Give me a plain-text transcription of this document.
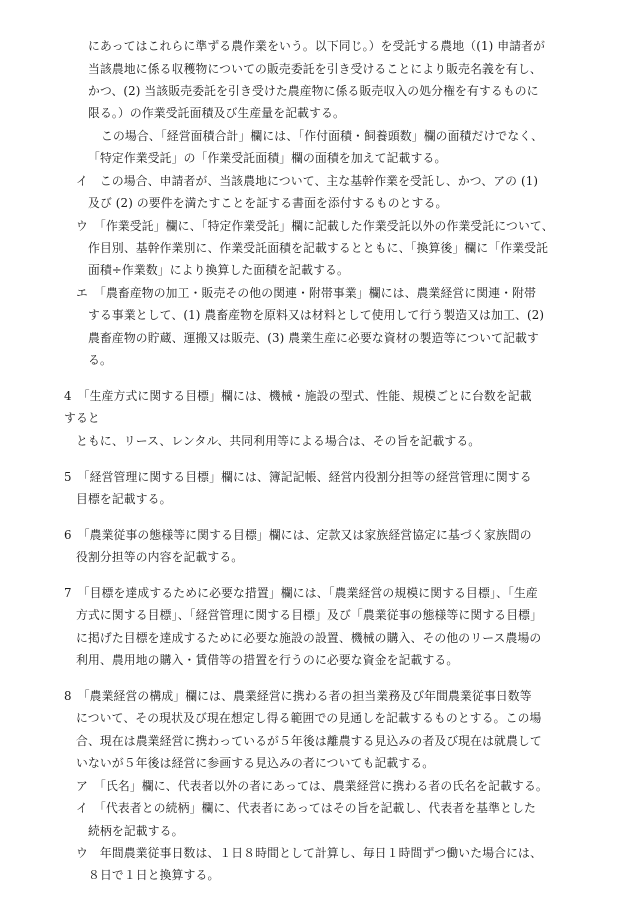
にあってはこれらに準ずる農作業をいう。以下同じ。）を受託する農地（(1) 申請者が
当該農地に係る収穫物についての販売委託を引き受けることにより販売名義を有し、
かつ、(2) 当該販売委託を引き受けた農産物に係る販売収入の処分権を有するものに
限る。）の作業受託面積及び生産量を記載する。
この場合、「経営面積合計」欄には、「作付面積・飼養頭数」欄の面積だけでなく、
「特定作業受託」の「作業受託面積」欄の面積を加えて記載する。
イ　この場合、申請者が、当該農地について、主な基幹作業を受託し、かつ、アの (1)
及び (2) の要件を満たすことを証する書面を添付するものとする。
ウ　「作業受託」欄に、「特定作業受託」欄に記載した作業受託以外の作業受託について、
作目別、基幹作業別に、作業受託面積を記載するとともに、「換算後」欄に「作業受託
面積÷作業数」により換算した面積を記載する。
エ　「農畜産物の加工・販売その他の関連・附帯事業」欄には、農業経営に関連・附帯
する事業として、(1) 農畜産物を原料又は材料として使用して行う製造又は加工、(2)
農畜産物の貯蔵、運搬又は販売、(3) 農業生産に必要な資材の製造等について記載す
る。
4　「生産方式に関する目標」欄には、機械・施設の型式、性能、規模ごとに台数を記載
すると
ともに、リース、レンタル、共同利用等による場合は、その旨を記載する。
5　「経営管理に関する目標」欄には、簿記記帳、経営内役割分担等の経営管理に関する
目標を記載する。
6　「農業従事の態様等に関する目標」欄には、定款又は家族経営協定に基づく家族間の
役割分担等の内容を記載する。
7　「目標を達成するために必要な措置」欄には、「農業経営の規模に関する目標」、「生産
方式に関する目標」、「経営管理に関する目標」及び「農業従事の態様等に関する目標」
に掲げた目標を達成するために必要な施設の設置、機械の購入、その他のリース農場の
利用、農用地の購入・賃借等の措置を行うのに必要な資金を記載する。
8　「農業経営の構成」欄には、農業経営に携わる者の担当業務及び年間農業従事日数等
について、その現状及び現在想定し得る範囲での見通しを記載するものとする。この場
合、現在は農業経営に携わっているが５年後は離農する見込みの者及び現在は就農して
いないが５年後は経営に参画する見込みの者についても記載する。
ア　「氏名」欄に、代表者以外の者にあっては、農業経営に携わる者の氏名を記載する。
イ　「代表者との続柄」欄に、代表者にあってはその旨を記載し、代表者を基準とした
続柄を記載する。
ウ　年間農業従事日数は、１日８時間として計算し、毎日１時間ずつ働いた場合には、
８日で１日と換算する。
